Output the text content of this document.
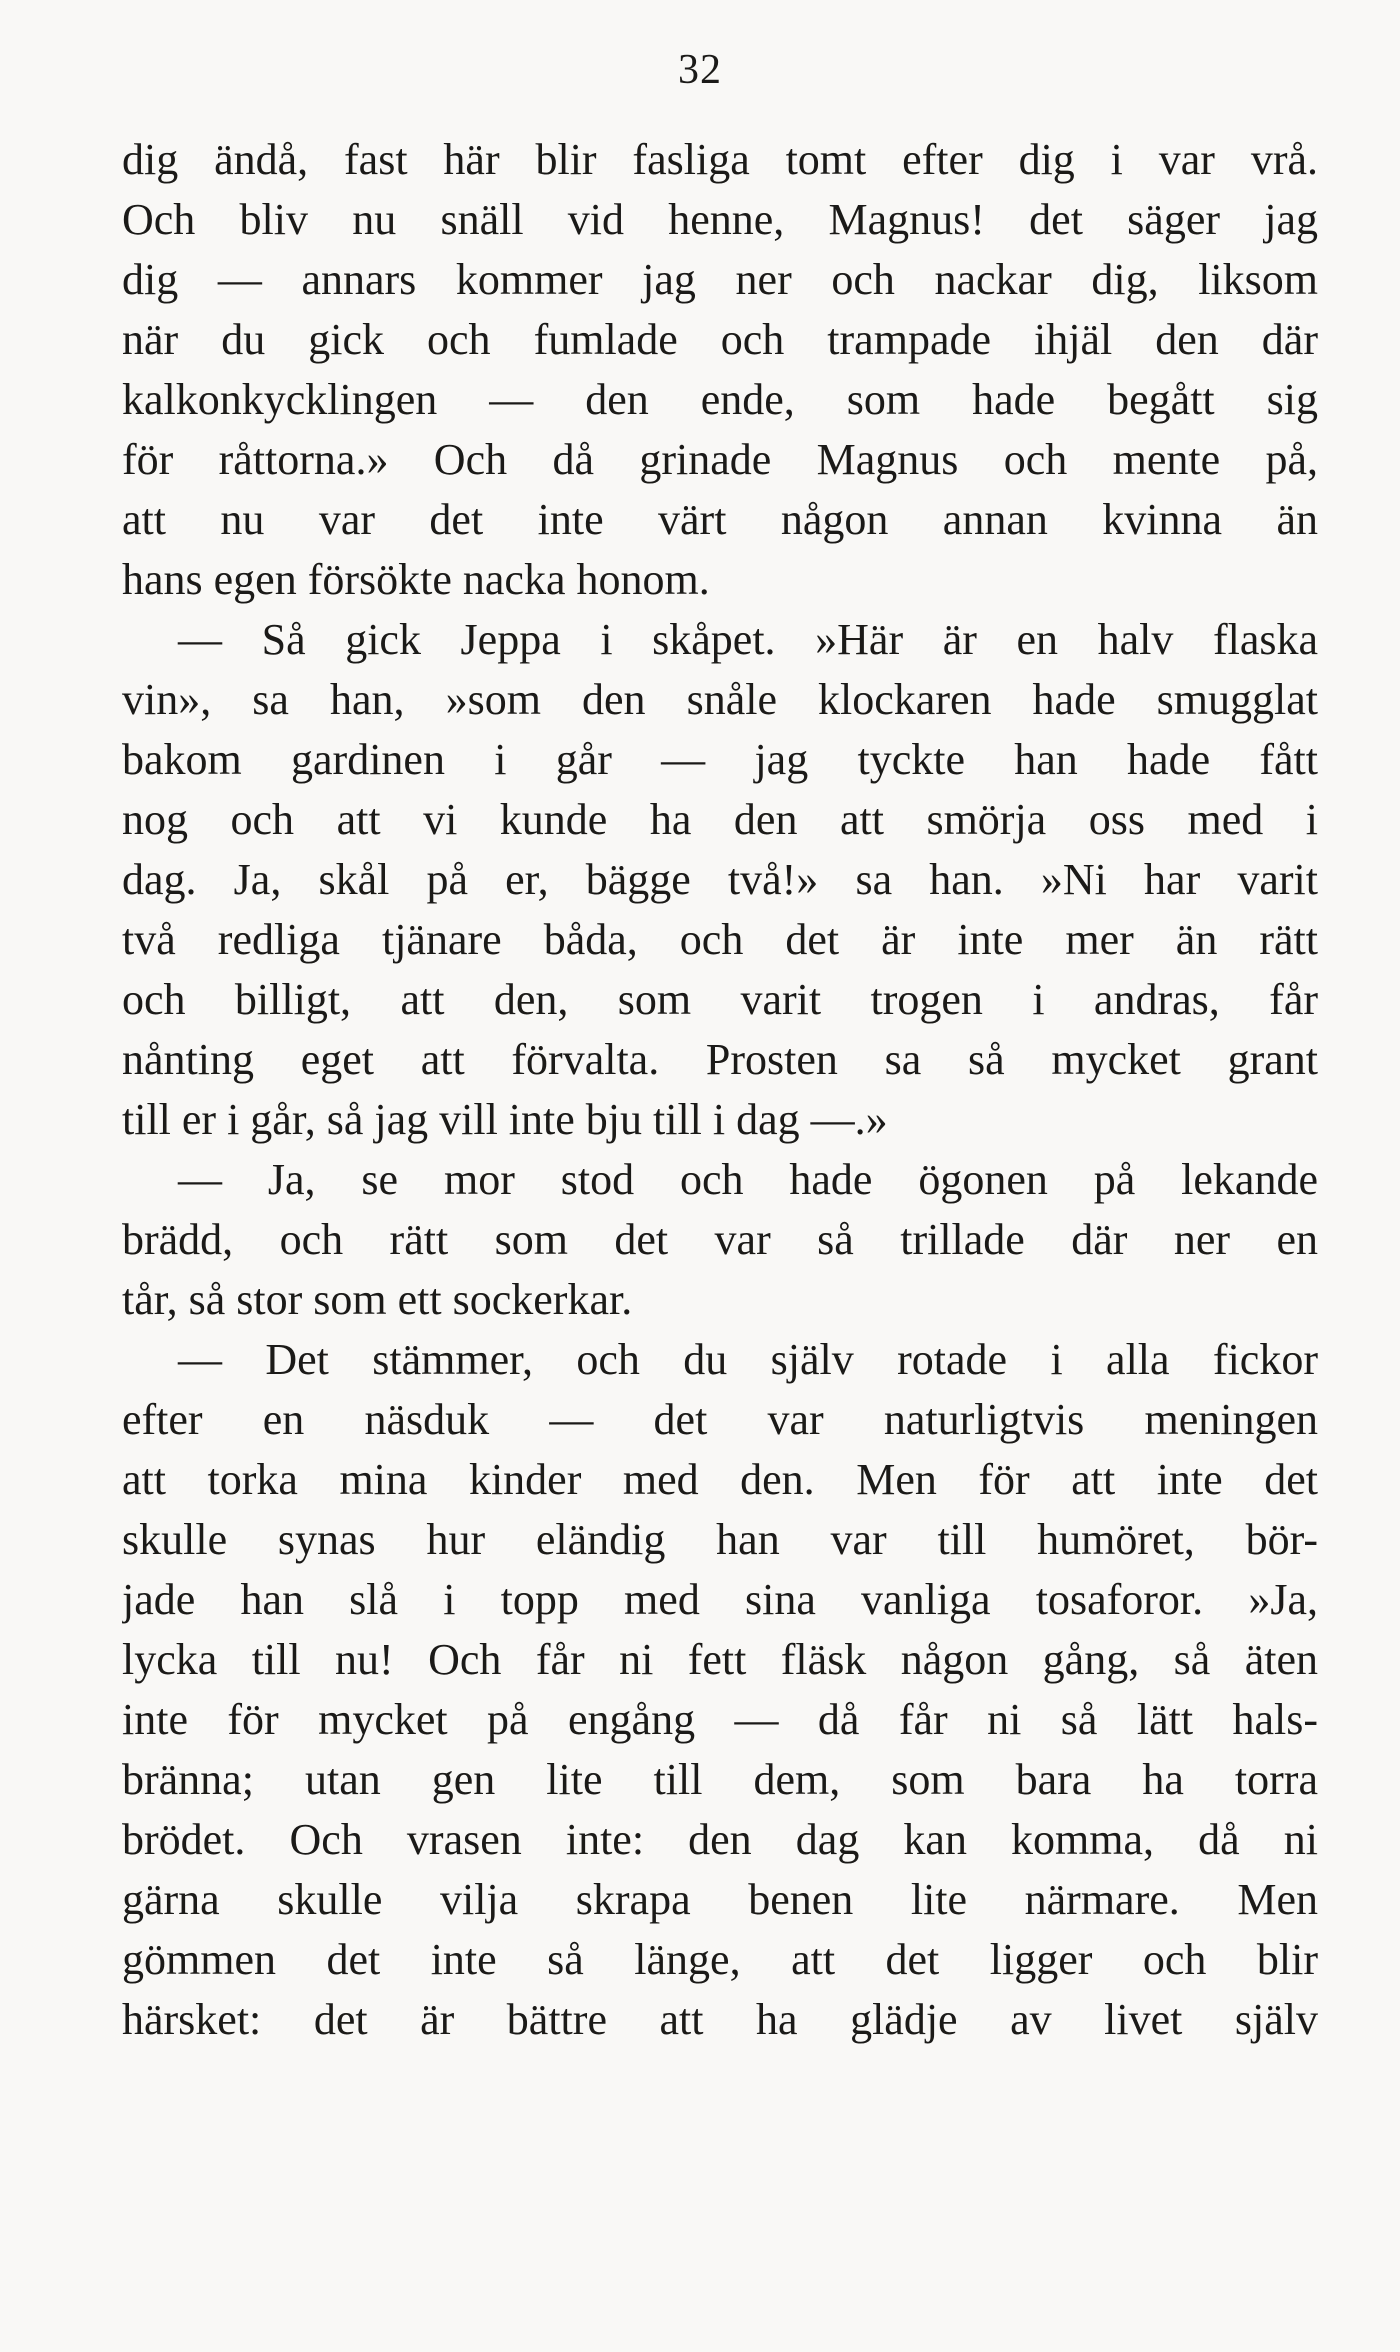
32
dig ändå, fast här blir fasliga tomt efter dig i var vrå.
Och bliv nu snäll vid henne, Magnus! det säger jag
dig — annars kommer jag ner och nackar dig, liksom
när du gick och fumlade och trampade ihjäl den där
kalkonkycklingen — den ende, som hade begått sig
för råttorna.» Och då grinade Magnus och mente på,
att nu var det inte värt någon annan kvinna än
hans egen försökte nacka honom.
— Så gick Jeppa i skåpet. »Här är en halv flaska
vin», sa han, »som den snåle klockaren hade smugglat
bakom gardinen i går — jag tyckte han hade fått
nog och att vi kunde ha den att smörja oss med i
dag. Ja, skål på er, bägge två!» sa han. »Ni har varit
två redliga tjänare båda, och det är inte mer än rätt
och billigt, att den, som varit trogen i andras, får
nånting eget att förvalta. Prosten sa så mycket grant
till er i går, så jag vill inte bju till i dag —.»
— Ja, se mor stod och hade ögonen på lekande
brädd, och rätt som det var så trillade där ner en
tår, så stor som ett sockerkar.
— Det stämmer, och du själv rotade i alla fickor
efter en näsduk — det var naturligtvis meningen
att torka mina kinder med den. Men för att inte det
skulle synas hur eländig han var till humöret, bör-
jade han slå i topp med sina vanliga tosaforor. »Ja,
lycka till nu! Och får ni fett fläsk någon gång, så äten
inte för mycket på engång — då får ni så lätt hals-
bränna; utan gen lite till dem, som bara ha torra
brödet. Och vrasen inte: den dag kan komma, då ni
gärna skulle vilja skrapa benen lite närmare. Men
gömmen det inte så länge, att det ligger och blir
härsket: det är bättre att ha glädje av livet själv
